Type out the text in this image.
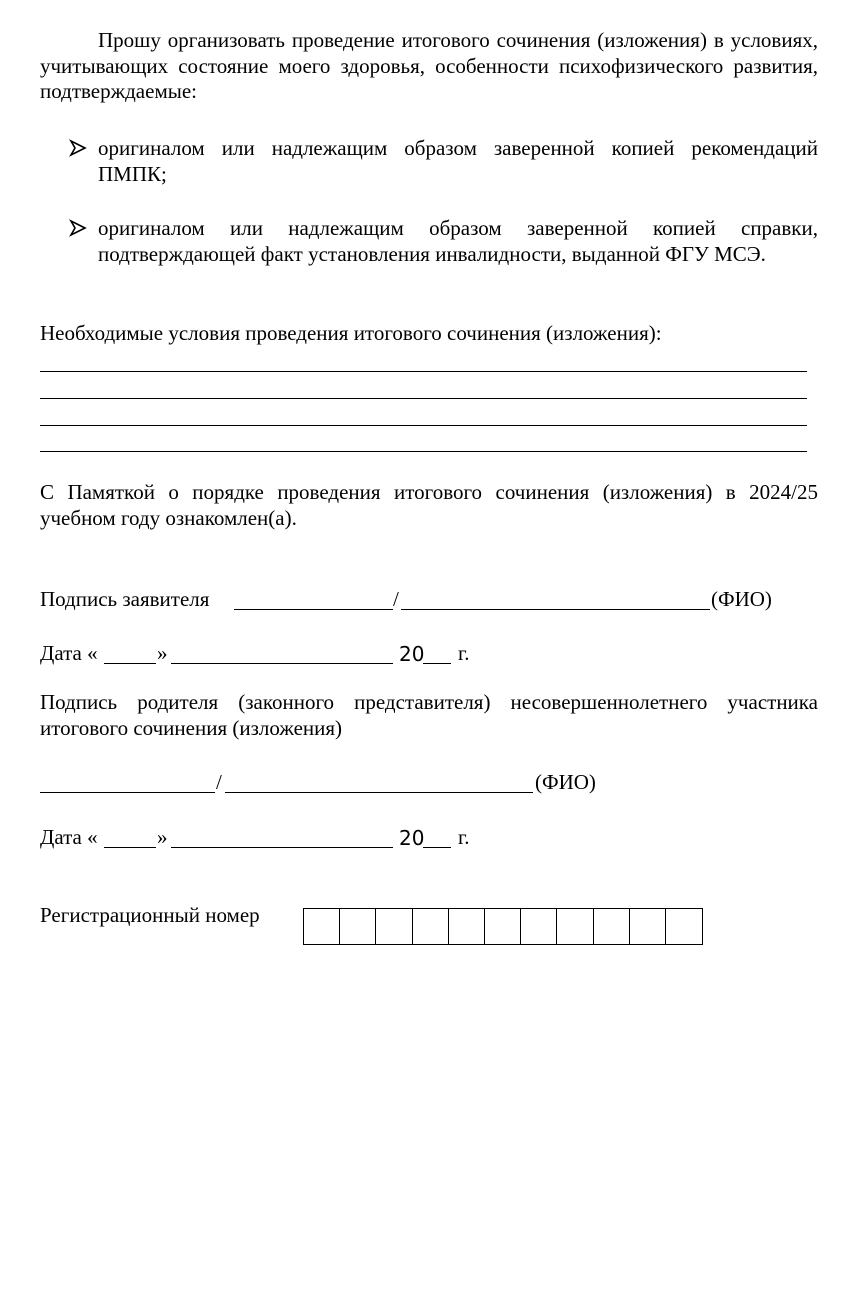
Прошу организовать проведение итогового сочинения (изложения) в условиях, учитывающих состояние моего здоровья, особенности психофизического развития, подтверждаемые:
оригиналом или надлежащим образом заверенной копией рекомендаций ПМПК;
оригиналом или надлежащим образом заверенной копией справки, подтверждающей факт установления инвалидности, выданной ФГУ МСЭ.
Необходимые условия проведения итогового сочинения (изложения):
С Памяткой о порядке проведения итогового сочинения (изложения) в 2024/25 учебном году ознакомлен(а).
Подпись заявителя	/	(ФИО)
Дата «	»	20 г.
Подпись родителя (законного представителя) несовершеннолетнего участника итогового сочинения (изложения)
/	(ФИО)
Дата «	»	20 г.
Регистрационный номер
